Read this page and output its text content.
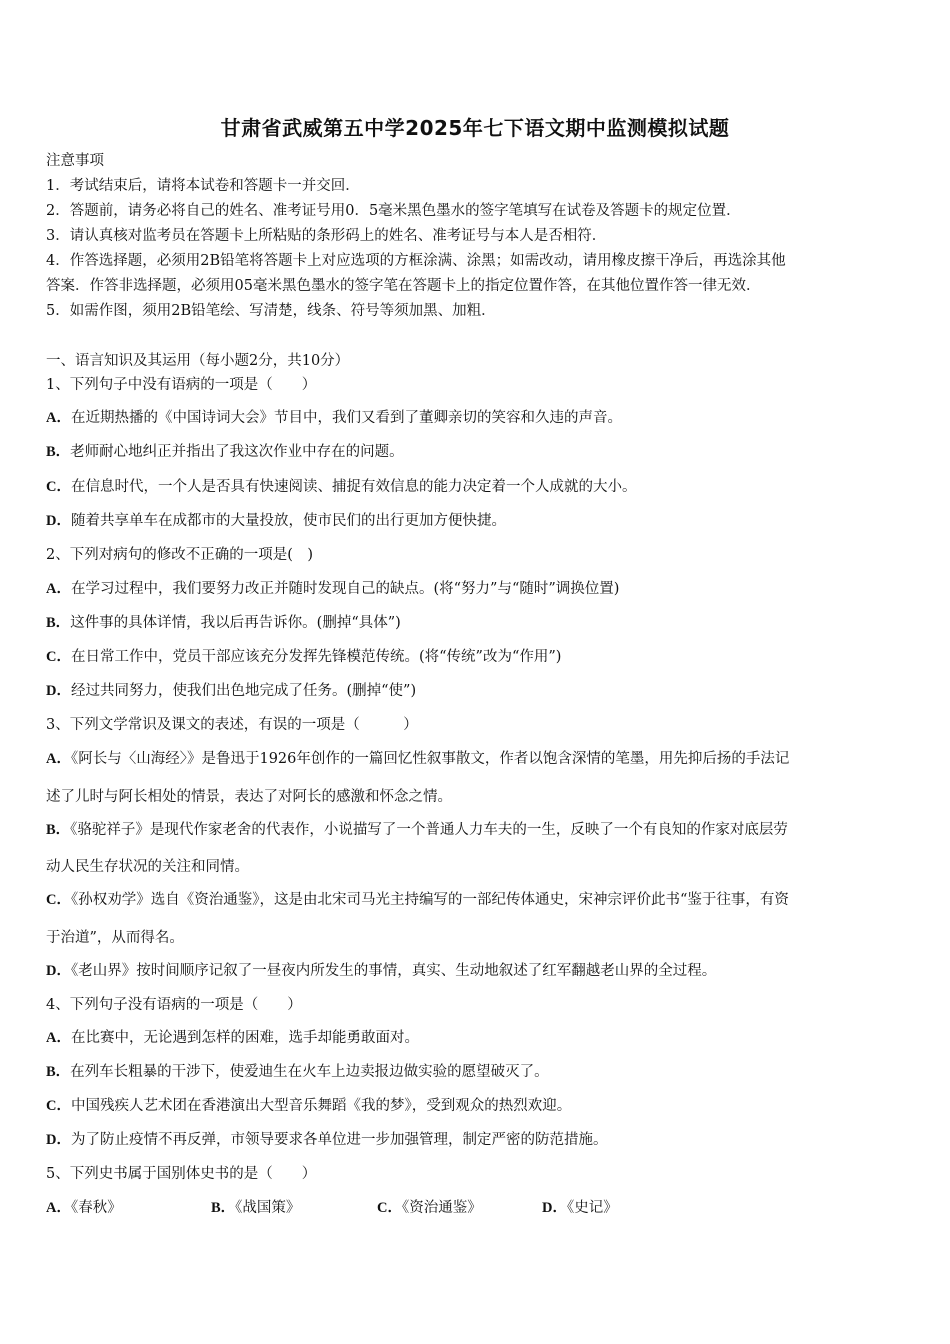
甘肃省武威第五中学2025年七下语文期中监测模拟试题
注意事项
1．考试结束后，请将本试卷和答题卡一并交回．
2．答题前，请务必将自己的姓名、准考证号用0．5毫米黑色墨水的签字笔填写在试卷及答题卡的规定位置．
3．请认真核对监考员在答题卡上所粘贴的条形码上的姓名、准考证号与本人是否相符．
4．作答选择题，必须用2B铅笔将答题卡上对应选项的方框涂满、涂黑；如需改动，请用橡皮擦干净后，再选涂其他
答案．作答非选择题，必须用05毫米黑色墨水的签字笔在答题卡上的指定位置作答，在其他位置作答一律无效．
5．如需作图，须用2B铅笔绘、写清楚，线条、符号等须加黑、加粗．
一、语言知识及其运用（每小题2分，共10分）
1、下列句子中没有语病的一项是（　　）
A．在近期热播的《中国诗词大会》节目中，我们又看到了董卿亲切的笑容和久违的声音。
B．老师耐心地纠正并指出了我这次作业中存在的问题。
C．在信息时代，一个人是否具有快速阅读、捕捉有效信息的能力决定着一个人成就的大小。
D．随着共享单车在成都市的大量投放，使市民们的出行更加方便快捷。
2、下列对病句的修改不正确的一项是(　)
A．在学习过程中，我们要努力改正并随时发现自己的缺点。(将“努力”与“随时”调换位置)
B．这件事的具体详情，我以后再告诉你。(删掉“具体”)
C．在日常工作中，党员干部应该充分发挥先锋模范传统。(将“传统”改为“作用”)
D．经过共同努力，使我们出色地完成了任务。(删掉“使”)
3、下列文学常识及课文的表述，有误的一项是（　　　）
A．《阿长与〈山海经〉》是鲁迅于1926年创作的一篇回忆性叙事散文，作者以饱含深情的笔墨，用先抑后扬的手法记
述了儿时与阿长相处的情景，表达了对阿长的感激和怀念之情。
B．《骆驼祥子》是现代作家老舍的代表作，小说描写了一个普通人力车夫的一生，反映了一个有良知的作家对底层劳
动人民生存状况的关注和同情。
C．《孙权劝学》选自《资治通鉴》，这是由北宋司马光主持编写的一部纪传体通史，宋神宗评价此书“鉴于往事，有资
于治道”，从而得名。
D．《老山界》按时间顺序记叙了一昼夜内所发生的事情，真实、生动地叙述了红军翻越老山界的全过程。
4、下列句子没有语病的一项是（　　）
A．在比赛中，无论遇到怎样的困难，选手却能勇敢面对。
B．在列车长粗暴的干涉下，使爱迪生在火车上边卖报边做实验的愿望破灭了。
C．中国残疾人艺术团在香港演出大型音乐舞蹈《我的梦》，受到观众的热烈欢迎。
D．为了防止疫情不再反弹，市领导要求各单位进一步加强管理，制定严密的防范措施。
5、下列史书属于国别体史书的是（　　）
A．《春秋》	B．《战国策》	C．《资治通鉴》	D．《史记》
